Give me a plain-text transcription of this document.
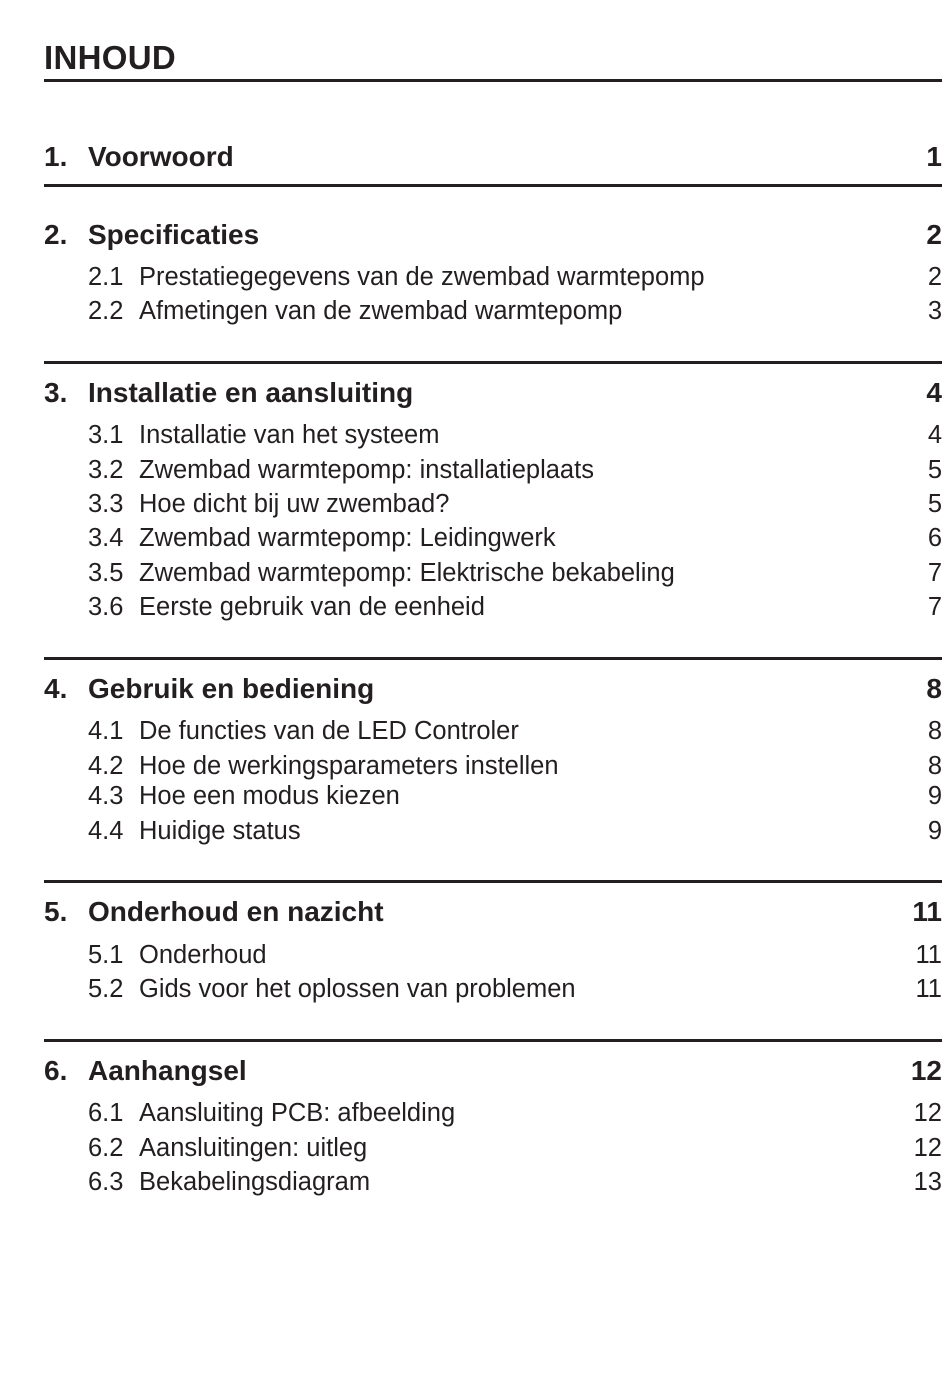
INHOUD
1. Voorwoord	1
2. Specificaties	2
2.1 Prestatiegegevens van de zwembad warmtepomp	2
2.2 Afmetingen van de zwembad warmtepomp	3
3. Installatie en aansluiting	4
3.1 Installatie van het systeem	4
3.2 Zwembad warmtepomp: installatieplaats	5
3.3 Hoe dicht bij uw zwembad?	5
3.4 Zwembad warmtepomp: Leidingwerk	6
3.5 Zwembad warmtepomp: Elektrische bekabeling	7
3.6 Eerste gebruik van de eenheid	7
4. Gebruik en bediening	8
4.1 De functies van de LED Controler	8
4.2 Hoe de werkingsparameters instellen	8
4.3 Hoe een modus kiezen	9
4.4 Huidige status	9
5. Onderhoud en nazicht	11
5.1 Onderhoud	11
5.2 Gids voor het oplossen van problemen	11
6. Aanhangsel	12
6.1 Aansluiting PCB: afbeelding	12
6.2 Aansluitingen: uitleg	12
6.3 Bekabelingsdiagram	13
